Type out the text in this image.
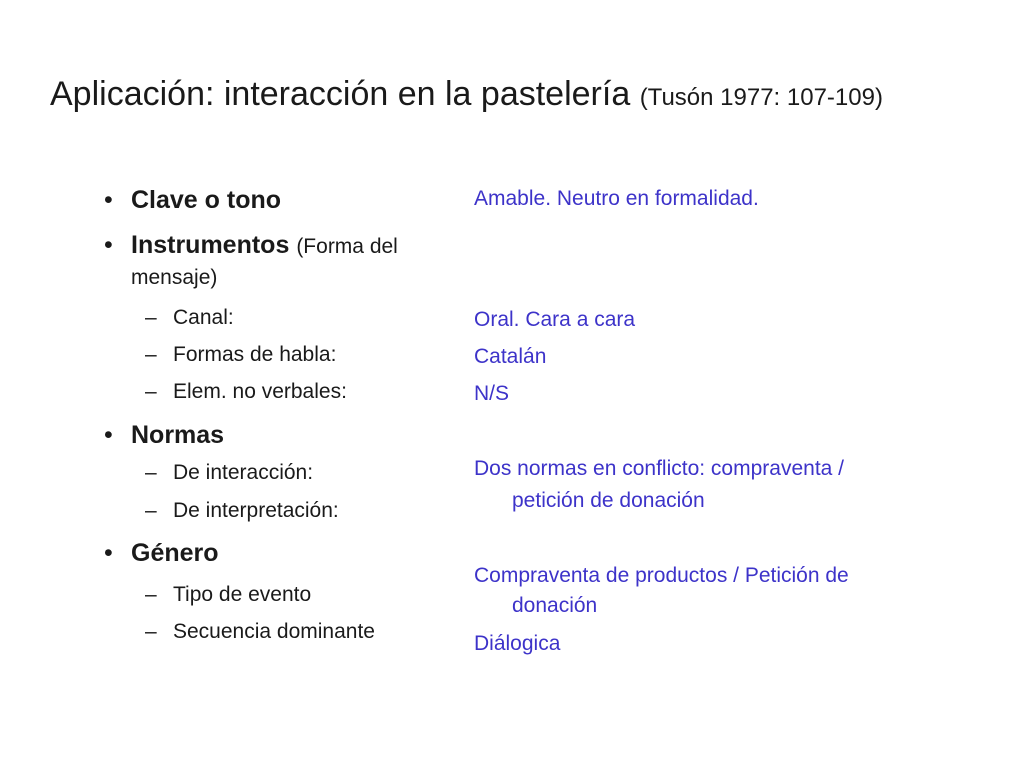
Aplicación: interacción en la pastelería (Tusón 1977: 107-109)
• Clave o tono
• Instrumentos (Forma del
mensaje)
– Canal:
– Formas de habla:
– Elem. no verbales:
• Normas
– De interacción:
– De interpretación:
• Género
– Tipo de evento
– Secuencia dominante
Amable. Neutro en formalidad.
Oral. Cara a cara
Catalán
N/S
Dos normas en conflicto: compraventa /
petición de donación
Compraventa de productos / Petición de
donación
Diálogica
